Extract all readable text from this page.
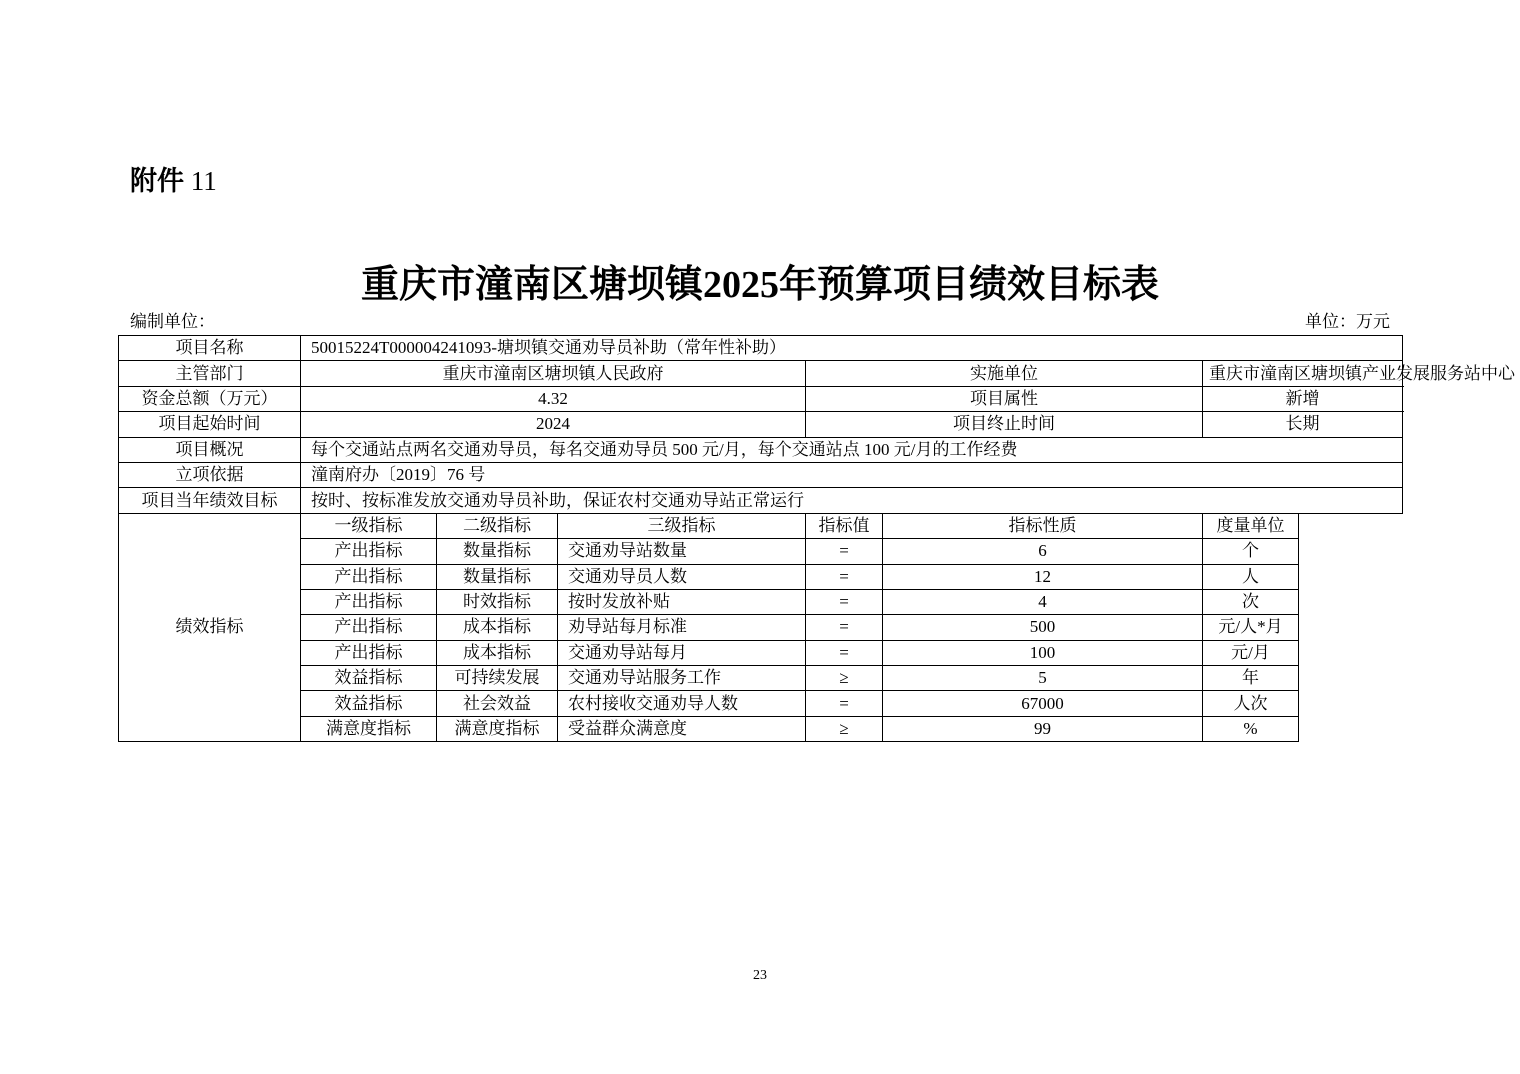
附件 11
重庆市潼南区塘坝镇2025年预算项目绩效目标表
编制单位：	单位：万元
项目名称	50015224T000004241093-塘坝镇交通劝导员补助（常年性补助）					
主管部门	重庆市潼南区塘坝镇人民政府			实施单位		重庆市潼南区塘坝镇产业发展服务站中心
资金总额（万元）	4.32			项目属性		新增
项目起始时间	2024			项目终止时间		长期
项目概况	每个交通站点两名交通劝导员，每名交通劝导员 500 元/月，每个交通站点 100 元/月的工作经费					
立项依据	潼南府办〔2019〕76 号					
项目当年绩效目标	按时、按标准发放交通劝导员补助，保证农村交通劝导站正常运行					
绩效指标	一级指标	二级指标	三级指标	指标值	指标性质	度量单位
	产出指标	数量指标	交通劝导站数量	=	6	个
	产出指标	数量指标	交通劝导员人数	=	12	人
	产出指标	时效指标	按时发放补贴	=	4	次
	产出指标	成本指标	劝导站每月标准	=	500	元/人*月
	产出指标	成本指标	交通劝导站每月	=	100	元/月
	效益指标	可持续发展	交通劝导站服务工作	≥	5	年
	效益指标	社会效益	农村接收交通劝导人数	=	67000	人次
	满意度指标	满意度指标	受益群众满意度	≥	99	%
23
